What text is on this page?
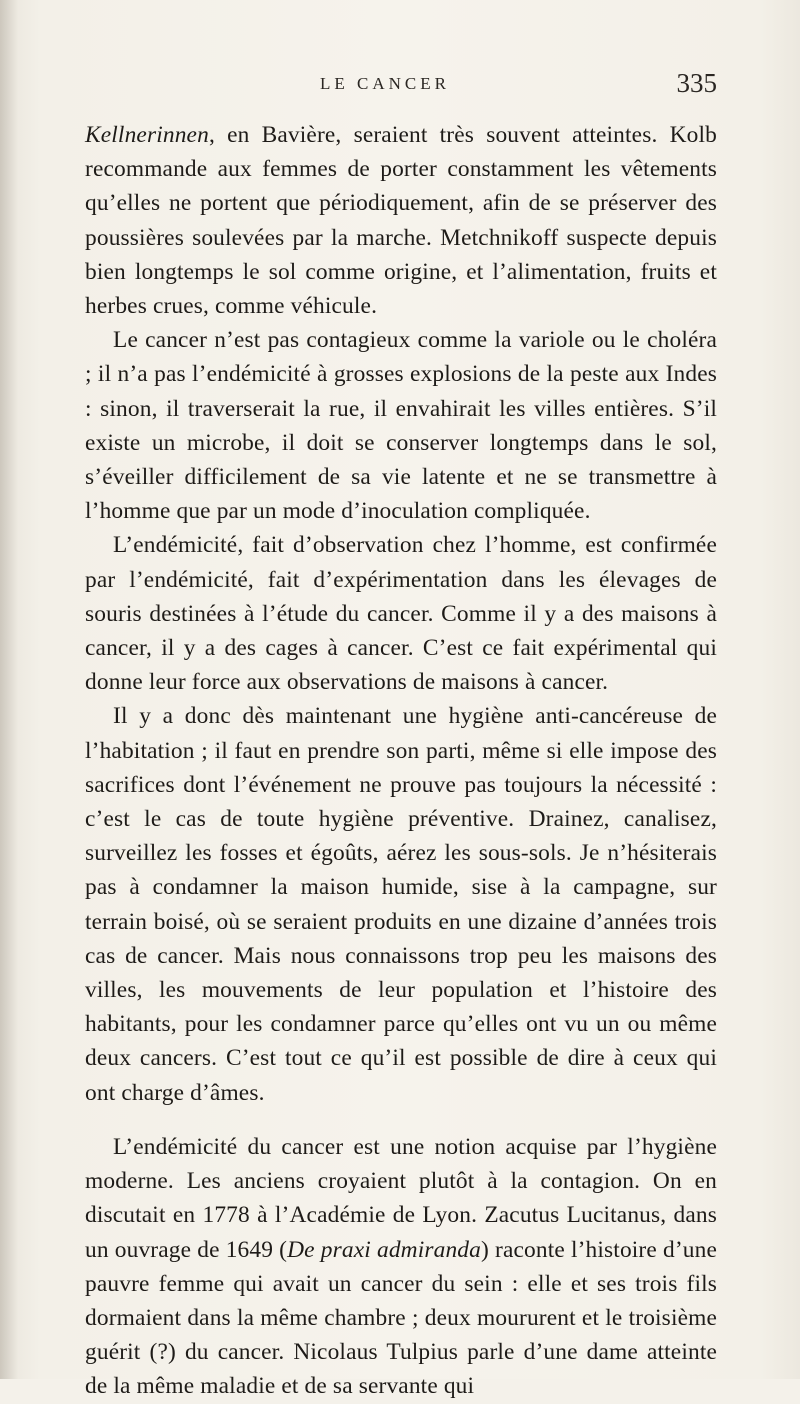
LE CANCER	335

Kellnerinnen, en Bavière, seraient très souvent atteintes. Kolb recommande aux femmes de porter constamment les vêtements qu’elles ne portent que périodiquement, afin de se préserver des poussières soulevées par la marche. Metchnikoff suspecte depuis bien longtemps le sol comme origine, et l’alimentation, fruits et herbes crues, comme véhicule.

Le cancer n’est pas contagieux comme la variole ou le choléra ; il n’a pas l’endémicité à grosses explosions de la peste aux Indes : sinon, il traverserait la rue, il envahirait les villes entières. S’il existe un microbe, il doit se conserver longtemps dans le sol, s’éveiller difficilement de sa vie latente et ne se transmettre à l’homme que par un mode d’inoculation compliquée.

L’endémicité, fait d’observation chez l’homme, est confirmée par l’endémicité, fait d’expérimentation dans les élevages de souris destinées à l’étude du cancer. Comme il y a des maisons à cancer, il y a des cages à cancer. C’est ce fait expérimental qui donne leur force aux observations de maisons à cancer.

Il y a donc dès maintenant une hygiène anti-cancéreuse de l’habitation ; il faut en prendre son parti, même si elle impose des sacrifices dont l’événement ne prouve pas toujours la nécessité : c’est le cas de toute hygiène préventive. Drainez, canalisez, surveillez les fosses et égoûts, aérez les sous-sols. Je n’hésiterais pas à condamner la maison humide, sise à la campagne, sur terrain boisé, où se seraient produits en une dizaine d’années trois cas de cancer. Mais nous connaissons trop peu les maisons des villes, les mouvements de leur population et l’histoire des habitants, pour les condamner parce qu’elles ont vu un ou même deux cancers. C’est tout ce qu’il est possible de dire à ceux qui ont charge d’âmes.

L’endémicité du cancer est une notion acquise par l’hygiène moderne. Les anciens croyaient plutôt à la contagion. On en discutait en 1778 à l’Académie de Lyon. Zacutus Lucitanus, dans un ouvrage de 1649 (De praxi admiranda) raconte l’histoire d’une pauvre femme qui avait un cancer du sein : elle et ses trois fils dormaient dans la même chambre ; deux moururent et le troisième guérit (?) du cancer. Nicolaus Tulpius parle d’une dame atteinte de la même maladie et de sa servante qui
